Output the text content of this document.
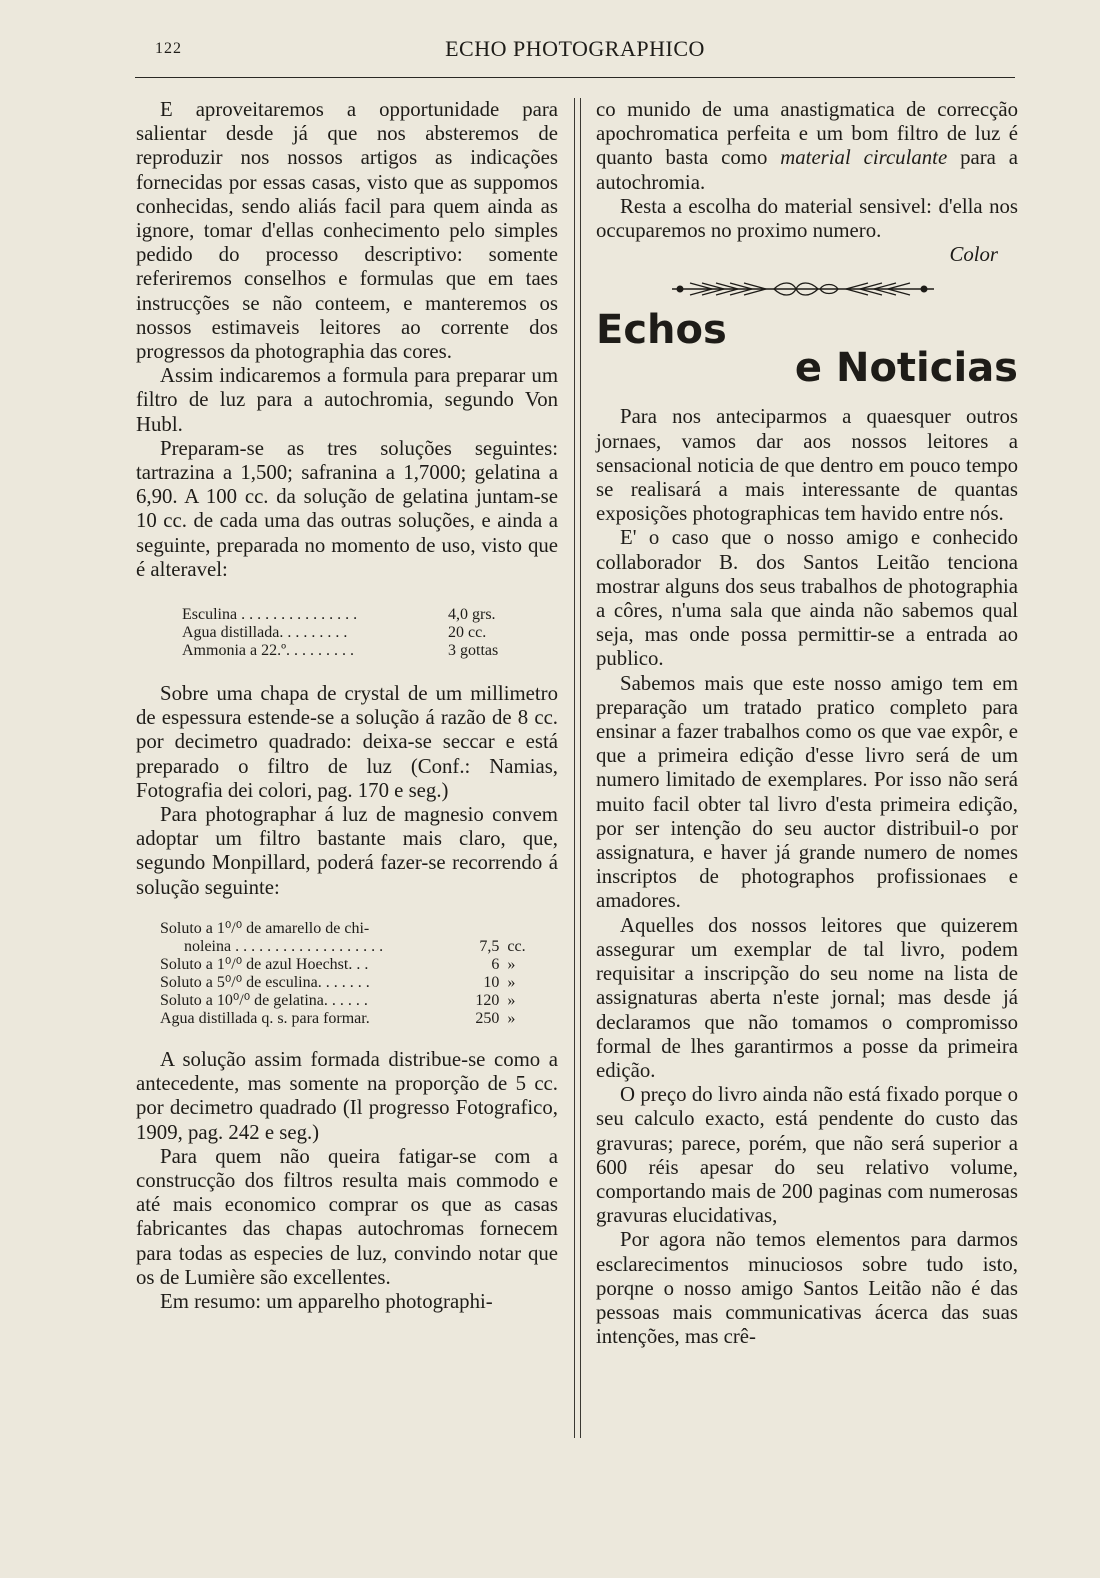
122	ECHO PHOTOGRAPHICO

E aproveitaremos a opportunidade para salientar desde já que nos absteremos de reproduzir nos nossos artigos as indicações fornecidas por essas casas, visto que as suppomos conhecidas, sendo aliás facil para quem ainda as ignore, tomar d'ellas conhecimento pelo simples pedido do processo descriptivo: somente referiremos conselhos e formulas que em taes instrucções se não conteem, e manteremos os nossos estimaveis leitores ao corrente dos progressos da photographia das cores.

Assim indicaremos a formula para preparar um filtro de luz para a autochromia, segundo Von Hubl.

Preparam-se as tres soluções seguintes: tartrazina a 1,500; safranina a 1,7000; gelatina a 6,90. A 100 cc. da solução de gelatina juntam-se 10 cc. de cada uma das outras soluções, e ainda a seguinte, preparada no momento de uso, visto que é alteravel:

Esculina . . . . . . . . . . . . . . .	4,0 grs.
Agua distillada. . . . . . . . .	20 cc.
Ammonia a 22.º. . . . . . . . .	3 gottas

Sobre uma chapa de crystal de um millimetro de espessura estende-se a solução á razão de 8 cc. por decimetro quadrado: deixa-se seccar e está preparado o filtro de luz (Conf.: Namias, Fotografia dei colori, pag. 170 e seg.)

Para photographar á luz de magnesio convem adoptar um filtro bastante mais claro, que, segundo Monpillard, poderá fazer-se recorrendo á solução seguinte:

Soluto a 1⁰/⁰ de amarello de chi-		
noleina . . . . . . . . . . . . . . . . . . .	7,5	cc.
Soluto a 1⁰/⁰ de azul Hoechst. . .	6	»
Soluto a 5⁰/⁰ de esculina. . . . . . .	10	»
Soluto a 10⁰/⁰ de gelatina. . . . . .	120	»
Agua distillada q. s. para formar.	250	»

A solução assim formada distribue-se como a antecedente, mas somente na proporção de 5 cc. por decimetro quadrado (Il progresso Fotografico, 1909, pag. 242 e seg.)

Para quem não queira fatigar-se com a construcção dos filtros resulta mais commodo e até mais economico comprar os que as casas fabricantes das chapas autochromas fornecem para todas as especies de luz, convindo notar que os de Lumière são excellentes.

Em resumo: um apparelho photographi-

co munido de uma anastigmatica de correcção apochromatica perfeita e um bom filtro de luz é quanto basta como material circulante para a autochromia.

Resta a escolha do material sensivel: d'ella nos occuparemos no proximo numero.

Color

Echos
e Noticias

Para nos anteciparmos a quaesquer outros jornaes, vamos dar aos nossos leitores a sensacional noticia de que dentro em pouco tempo se realisará a mais interessante de quantas exposições photographicas tem havido entre nós.

E' o caso que o nosso amigo e conhecido collaborador B. dos Santos Leitão tenciona mostrar alguns dos seus trabalhos de photographia a côres, n'uma sala que ainda não sabemos qual seja, mas onde possa permittir-se a entrada ao publico.

Sabemos mais que este nosso amigo tem em preparação um tratado pratico completo para ensinar a fazer trabalhos como os que vae expôr, e que a primeira edição d'esse livro será de um numero limitado de exemplares. Por isso não será muito facil obter tal livro d'esta primeira edição, por ser intenção do seu auctor distribuil-o por assignatura, e haver já grande numero de nomes inscriptos de photographos profissionaes e amadores.

Aquelles dos nossos leitores que quizerem assegurar um exemplar de tal livro, podem requisitar a inscripção do seu nome na lista de assignaturas aberta n'este jornal; mas desde já declaramos que não tomamos o compromisso formal de lhes garantirmos a posse da primeira edição.

O preço do livro ainda não está fixado porque o seu calculo exacto, está pendente do custo das gravuras; parece, porém, que não será superior a 600 réis apesar do seu relativo volume, comportando mais de 200 paginas com numerosas gravuras elucidativas,

Por agora não temos elementos para darmos esclarecimentos minuciosos sobre tudo isto, porqne o nosso amigo Santos Leitão não é das pessoas mais communicativas ácerca das suas intenções, mas crê-
